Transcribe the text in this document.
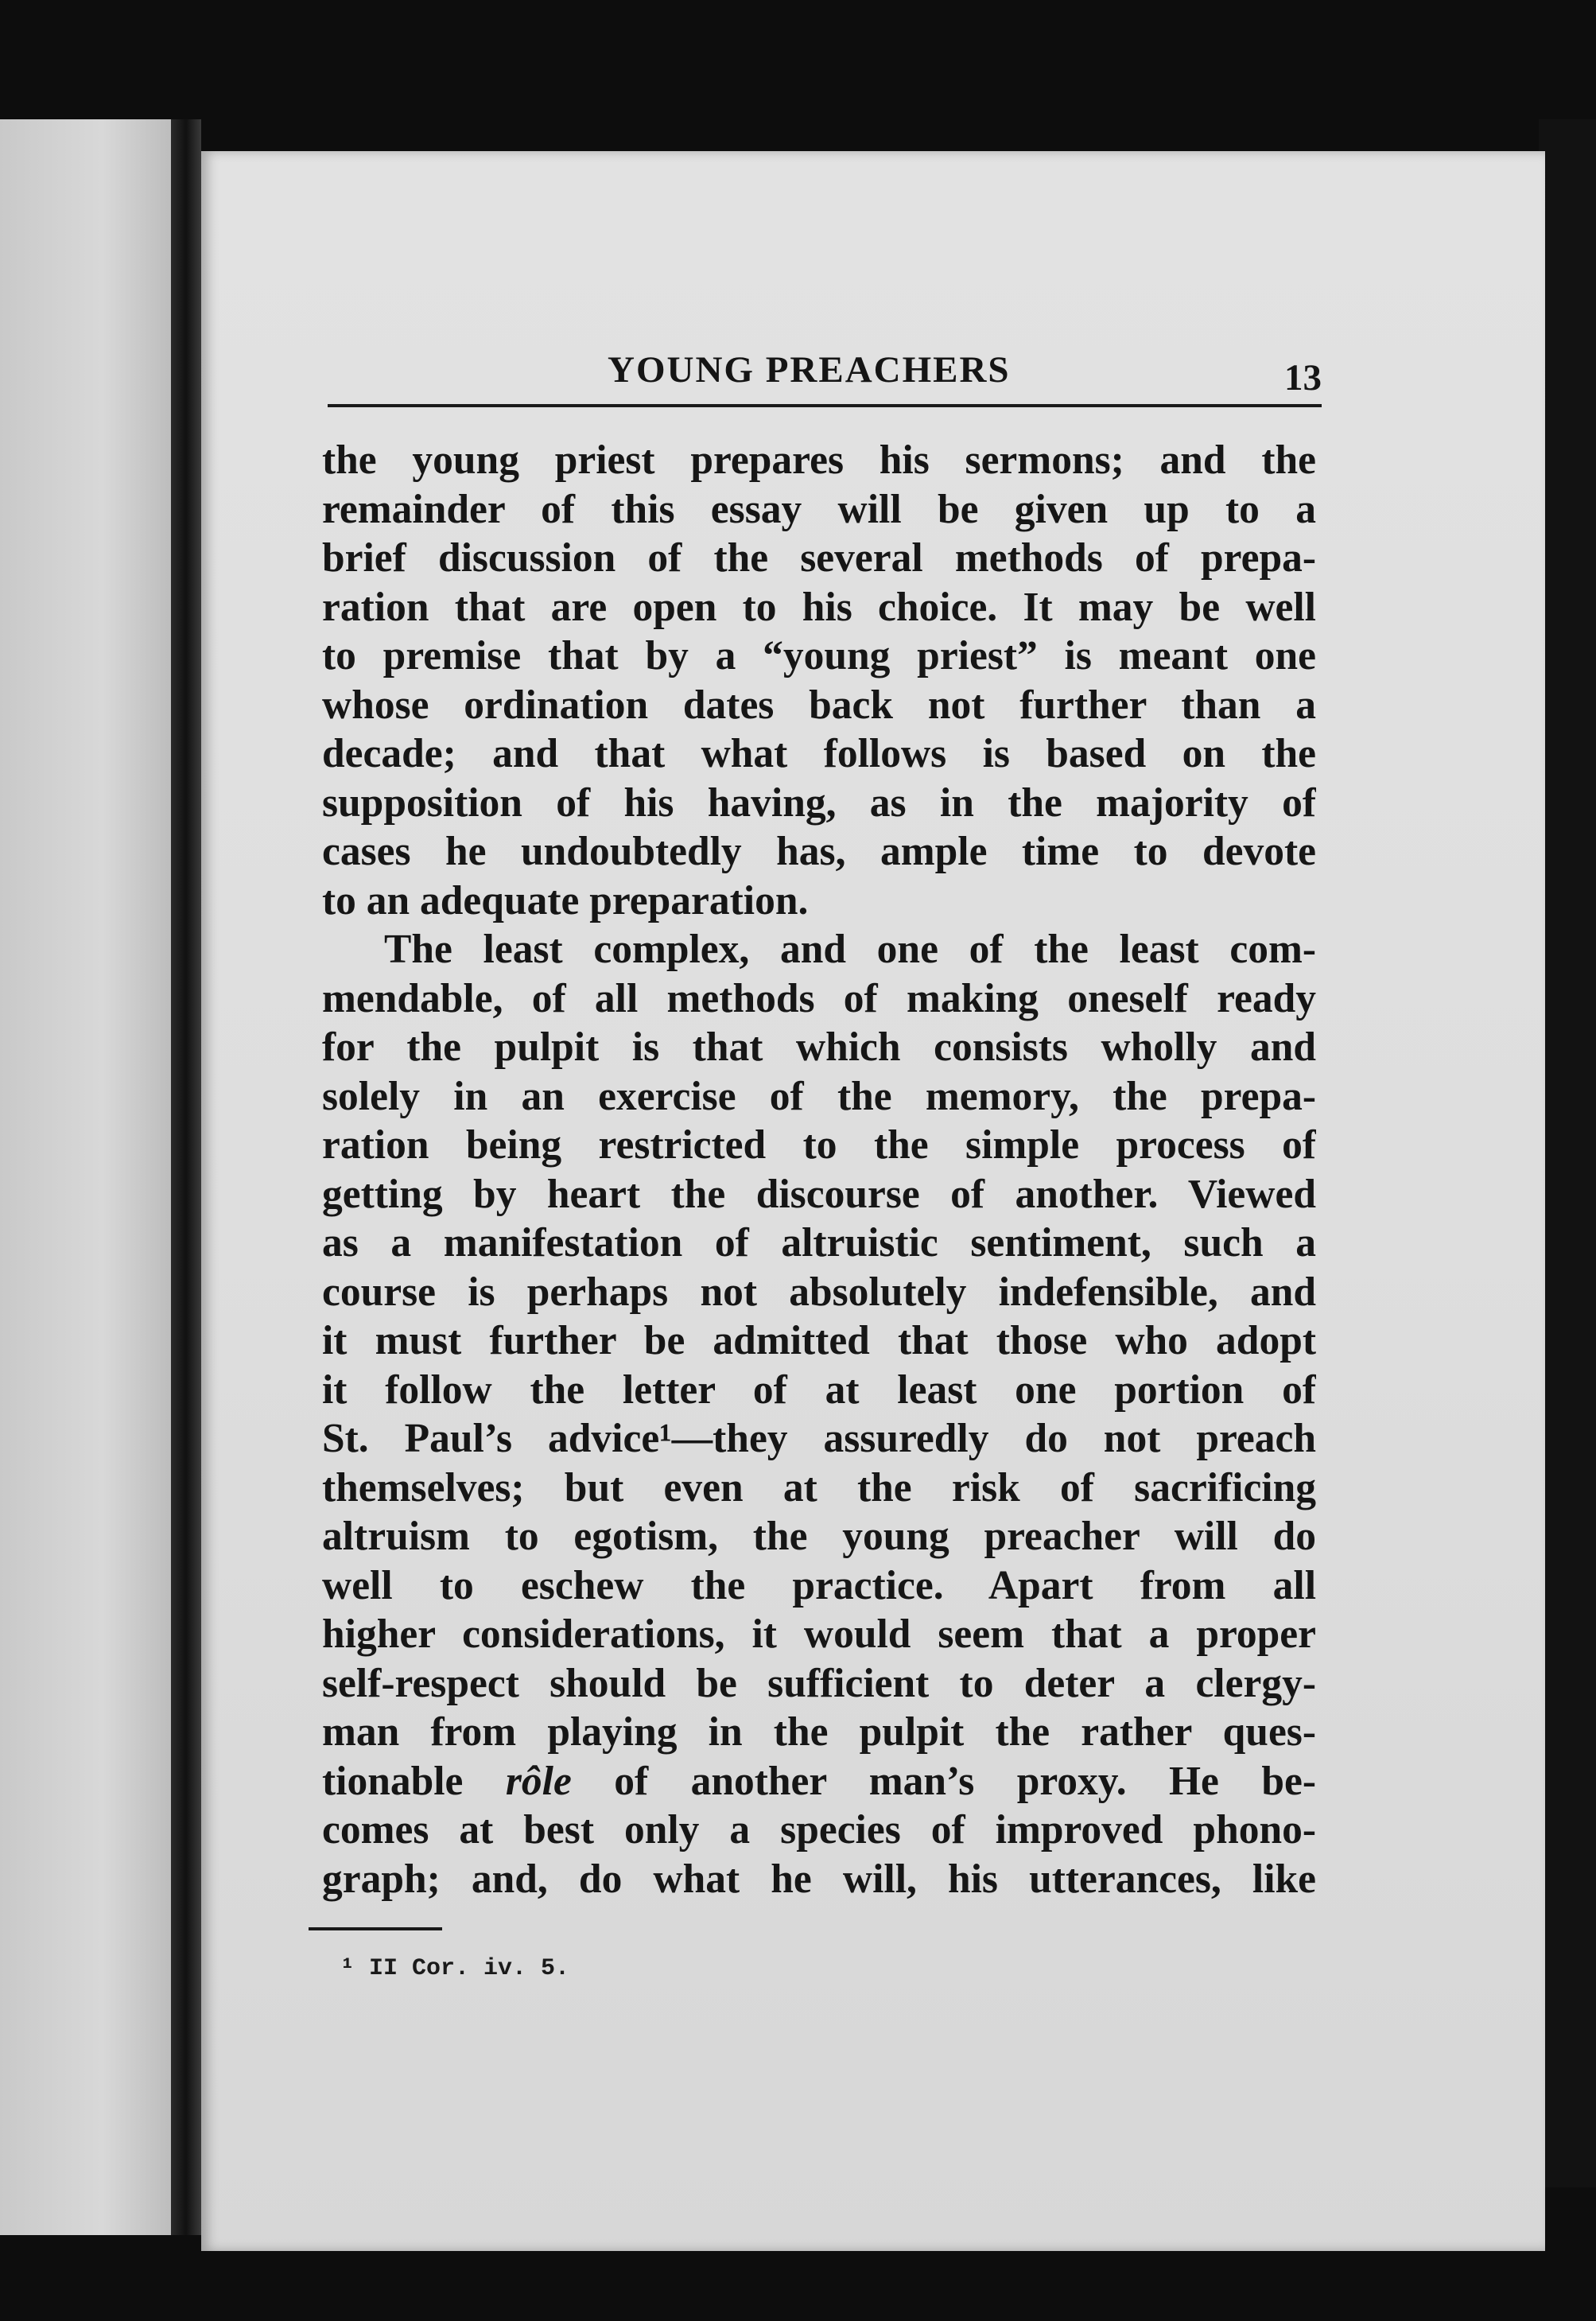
YOUNG PREACHERS	13
the young priest prepares his sermons; and the
remainder of this essay will be given up to a
brief discussion of the several methods of prepa-
ration that are open to his choice. It may be well
to premise that by a “young priest” is meant one
whose ordination dates back not further than a
decade; and that what follows is based on the
supposition of his having, as in the majority of
cases he undoubtedly has, ample time to devote
to an adequate preparation.
The least complex, and one of the least com-
mendable, of all methods of making oneself ready
for the pulpit is that which consists wholly and
solely in an exercise of the memory, the prepa-
ration being restricted to the simple process of
getting by heart the discourse of another. Viewed
as a manifestation of altruistic sentiment, such a
course is perhaps not absolutely indefensible, and
it must further be admitted that those who adopt
it follow the letter of at least one portion of
St. Paul’s advice¹—they assuredly do not preach
themselves; but even at the risk of sacrificing
altruism to egotism, the young preacher will do
well to eschew the practice. Apart from all
higher considerations, it would seem that a proper
self-respect should be sufficient to deter a clergy-
man from playing in the pulpit the rather ques-
tionable rôle of another man’s proxy. He be-
comes at best only a species of improved phono-
graph; and, do what he will, his utterances, like
¹ II Cor. iv. 5.
